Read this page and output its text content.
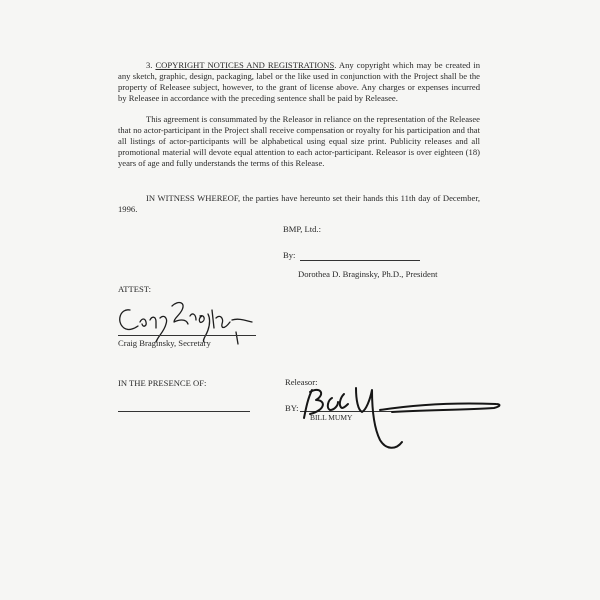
3. COPYRIGHT NOTICES AND REGISTRATIONS. Any copyright which may be created in any sketch, graphic, design, packaging, label or the like used in conjunction with the Project shall be the property of Releasee subject, however, to the grant of license above. Any charges or expenses incurred by Releasee in accordance with the preceding sentence shall be paid by Releasee.

This agreement is consummated by the Releasor in reliance on the representation of the Releasee that no actor-participant in the Project shall receive compensation or royalty for his participation and that all listings of actor-participants will be alphabetical using equal size print. Publicity releases and all promotional material will devote equal attention to each actor-participant. Releasor is over eighteen (18) years of age and fully understands the terms of this Release.

IN WITNESS WHEREOF, the parties have hereunto set their hands this 11th day of December, 1996.

BMP, Ltd.:
By:
Dorothea D. Braginsky, Ph.D., President
ATTEST:
Craig Braginsky, Secretary
IN THE PRESENCE OF:	Releasor:
BY:
BILL MUMY
